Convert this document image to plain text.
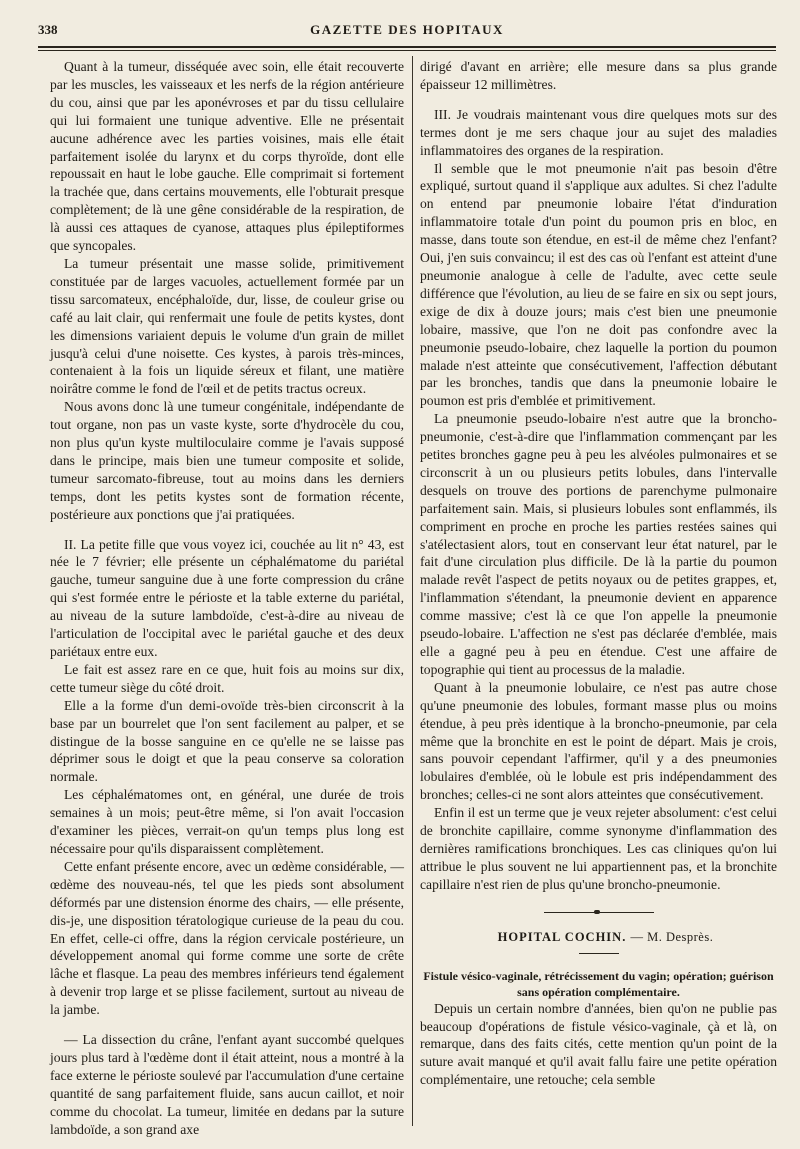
338	GAZETTE DES HOPITAUX

Quant à la tumeur, disséquée avec soin, elle était recouverte par les muscles, les vaisseaux et les nerfs de la région antérieure du cou, ainsi que par les aponévroses et par du tissu cellulaire qui lui formaient une tunique adventive. Elle ne présentait aucune adhérence avec les parties voisines, mais elle était parfaitement isolée du larynx et du corps thyroïde, dont elle repoussait en haut le lobe gauche. Elle comprimait si fortement la trachée que, dans certains mouvements, elle l'obturait presque complètement; de là une gêne considérable de la respiration, de là aussi ces attaques de cyanose, attaques plus épileptiformes que syncopales.

La tumeur présentait une masse solide, primitivement constituée par de larges vacuoles, actuellement formée par un tissu sarcomateux, encéphaloïde, dur, lisse, de couleur grise ou café au lait clair, qui renfermait une foule de petits kystes, dont les dimensions variaient depuis le volume d'un grain de millet jusqu'à celui d'une noisette. Ces kystes, à parois très-minces, contenaient à la fois un liquide séreux et filant, une matière noirâtre comme le fond de l'œil et de petits tractus ocreux.

Nous avons donc là une tumeur congénitale, indépendante de tout organe, non pas un vaste kyste, sorte d'hydrocèle du cou, non plus qu'un kyste multiloculaire comme je l'avais supposé dans le principe, mais bien une tumeur composite et solide, tumeur sarcomato-fibreuse, tout au moins dans les derniers temps, dont les petits kystes sont de formation récente, postérieure aux ponctions que j'ai pratiquées.

II. La petite fille que vous voyez ici, couchée au lit n° 43, est née le 7 février; elle présente un céphalématome du pariétal gauche, tumeur sanguine due à une forte compression du crâne qui s'est formée entre le périoste et la table externe du pariétal, au niveau de la suture lambdoïde, c'est-à-dire au niveau de l'articulation de l'occipital avec le pariétal gauche et des deux pariétaux entre eux.

Le fait est assez rare en ce que, huit fois au moins sur dix, cette tumeur siège du côté droit.

Elle a la forme d'un demi-ovoïde très-bien circonscrit à la base par un bourrelet que l'on sent facilement au palper, et se distingue de la bosse sanguine en ce qu'elle ne se laisse pas déprimer sous le doigt et que la peau conserve sa coloration normale.

Les céphalématomes ont, en général, une durée de trois semaines à un mois; peut-être même, si l'on avait l'occasion d'examiner les pièces, verrait-on qu'un temps plus long est nécessaire pour qu'ils disparaissent complètement.

Cette enfant présente encore, avec un œdème considérable, — œdème des nouveau-nés, tel que les pieds sont absolument déformés par une distension énorme des chairs, — elle présente, dis-je, une disposition tératologique curieuse de la peau du cou. En effet, celle-ci offre, dans la région cervicale postérieure, un développement anomal qui forme comme une sorte de crête lâche et flasque. La peau des membres inférieurs tend également à devenir trop large et se plisse facilement, surtout au niveau de la jambe.

— La dissection du crâne, l'enfant ayant succombé quelques jours plus tard à l'œdème dont il était atteint, nous a montré à la face externe le périoste soulevé par l'accumulation d'une certaine quantité de sang parfaitement fluide, sans aucun caillot, et noir comme du chocolat. La tumeur, limitée en dedans par la suture lambdoïde, a son grand axe

dirigé d'avant en arrière; elle mesure dans sa plus grande épaisseur 12 millimètres.

III. Je voudrais maintenant vous dire quelques mots sur des termes dont je me sers chaque jour au sujet des maladies inflammatoires des organes de la respiration.

Il semble que le mot pneumonie n'ait pas besoin d'être expliqué, surtout quand il s'applique aux adultes. Si chez l'adulte on entend par pneumonie lobaire l'état d'induration inflammatoire totale d'un point du poumon pris en bloc, en masse, dans toute son étendue, en est-il de même chez l'enfant? Oui, j'en suis convaincu; il est des cas où l'enfant est atteint d'une pneumonie analogue à celle de l'adulte, avec cette seule différence que l'évolution, au lieu de se faire en six ou sept jours, exige de dix à douze jours; mais c'est bien une pneumonie lobaire, massive, que l'on ne doit pas confondre avec la pneumonie pseudo-lobaire, chez laquelle la portion du poumon malade n'est atteinte que consécutivement, l'affection débutant par les bronches, tandis que dans la pneumonie lobaire le poumon est pris d'emblée et primitivement.

La pneumonie pseudo-lobaire n'est autre que la broncho-pneumonie, c'est-à-dire que l'inflammation commençant par les petites bronches gagne peu à peu les alvéoles pulmonaires et se circonscrit à un ou plusieurs petits lobules, dans l'intervalle desquels on trouve des portions de parenchyme pulmonaire parfaitement sain. Mais, si plusieurs lobules sont enflammés, ils compriment en proche en proche les parties restées saines qui s'atélectasient alors, tout en conservant leur état naturel, par le fait d'une circulation plus difficile. De là la partie du poumon malade revêt l'aspect de petits noyaux ou de petites grappes, et, l'inflammation s'étendant, la pneumonie devient en apparence comme massive; c'est là ce que l'on appelle la pneumonie pseudo-lobaire. L'affection ne s'est pas déclarée d'emblée, mais elle a gagné peu à peu en étendue. C'est une affaire de topographie qui tient au processus de la maladie.

Quant à la pneumonie lobulaire, ce n'est pas autre chose qu'une pneumonie des lobules, formant masse plus ou moins étendue, à peu près identique à la broncho-pneumonie, par cela même que la bronchite en est le point de départ. Mais je crois, sans pouvoir cependant l'affirmer, qu'il y a des pneumonies lobulaires d'emblée, où le lobule est pris indépendamment des bronches; celles-ci ne sont alors atteintes que consécutivement.

Enfin il est un terme que je veux rejeter absolument: c'est celui de bronchite capillaire, comme synonyme d'inflammation des dernières ramifications bronchiques. Les cas cliniques qu'on lui attribue le plus souvent ne lui appartiennent pas, et la bronchite capillaire n'est rien de plus qu'une broncho-pneumonie.

HOPITAL COCHIN. — M. Desprès.

Fistule vésico-vaginale, rétrécissement du vagin; opération; guérison sans opération complémentaire.

Depuis un certain nombre d'années, bien qu'on ne publie pas beaucoup d'opérations de fistule vésico-vaginale, çà et là, on remarque, dans des faits cités, cette mention qu'un point de la suture avait manqué et qu'il avait fallu faire une petite opération complémentaire, une retouche; cela semble
